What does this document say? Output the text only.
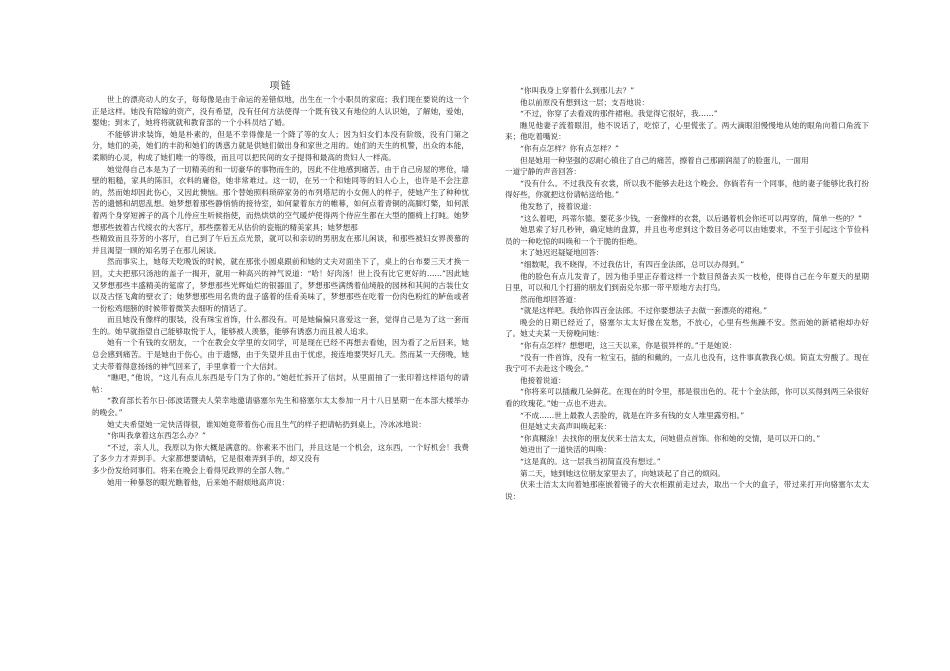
项链

世上的漂亮动人的女子，每每像是由于命运的差错似地，出生在一个小职员的家庭；我们现在要说的这一个正是这样。她没有陪嫁的资产，没有希望，没有任何方法使得一个既有钱又有地位的人认识她，了解她，爱她，娶她；到末了，她将将就就和教育部的一个小科员结了婚。

不能够讲求装饰，她是朴素的，但是不幸得像是一个降了等的女人；因为妇女们本没有阶级，没有门第之分，她们的美，她们的丰韵和她们的诱惑力就是供她们做出身和家世之用的。她们的天生的机警，出众的本能，柔顺的心灵，构成了她们唯一的等级，而且可以把民间的女子提得和最高的贵妇人一样高。

她觉得自己本是为了一切精美的和一切豪华的事物而生的，因此不住地感到痛苦。由于自己房屋的寒伧，墙壁的粗糙，家具的陈旧，衣料的庸俗，她非常难过。这一切，在另一个和她同等的妇人心上，也许是不会注意的，然而她却因此伤心，又因此懊恼。那个替她照料琐碎家务的布列塔尼的小女佣人的样子，使她产生了种种忧苦的遗憾和胡思乱想。她梦想着那些静悄悄的接待室，如何蒙着东方的帷幕，如何点着青铜的高脚灯檠，如何派着两个身穿短裤子的高个儿侍应生听候指使，而热烘烘的空气暖炉使得两个侍应生都在大型的圈椅上打盹。她梦想那些披着古代绫衣的大客厅，那些摆着无从估价的瓷瓶的精美家具；她梦想那

些精致而且芬芳的小客厅，自己到了午后五点光景，就可以和亲切的男朋友在那儿闲谈，和那些被妇女界羡慕的并且渴望一顾的知名男子在那儿闲谈。

然而事实上，她每天吃晚饭的时候，就在那张小圆桌跟前和她的丈夫对面坐下了，桌上的台布要三天才换一回，丈夫把那只汤池的盖子一揭开，就用一种高兴的神气说道：“哈！好肉汤！世上没有比它更好的……”因此她又梦想那些丰盛精美的筵席了，梦想那些光辉灿烂的银器皿了，梦想那些满绣着仙境般的园林和其间的古装仕女以及古怪飞禽的壁衣了；她梦想那些用名贵的盘子盛着的佳肴美味了，梦想那些在吃着一份肉色粉红的鲈鱼或者一份松鸡翅膀的时候带着微笑去细听的情话了。

而且她没有像样的服装，没有珠宝首饰，什么都没有。可是她偏偏只喜爱这一套，觉得自己是为了这一套而生的。她早就指望自己能够取悦于人，能够被人羡慕，能够有诱惑力而且被人追求。

她有一个有钱的女朋友，一个在教会女学里的女同学，可是现在已经不再想去看她，因为看了之后回来，她总会感到痛苦。于是她由于伤心，由于遗憾，由于失望并且由于忧虑，接连地要哭好几天。然而某一天傍晚，她丈夫带着得意扬扬的神气回来了，手里拿着一个大信封。

“瞧吧，”他说，“这儿有点儿东西是专门为了你的。”她赶忙拆开了信封，从里面抽了一张印着这样语句的请帖：

“教育部长若尔日·郎波诺暨夫人荣幸地邀请骆塞尔先生和骆塞尔太太参加一月十八日星期一在本部大楼举办的晚会。”

她丈夫希望她一定快活得很，谁知她竟带着伤心而且生气的样子把请帖扔到桌上，冷冰冰地说：

“你叫我拿着这东西怎么办？”

“不过，亲人儿，我原以为你大概是满意的。你素来不出门，并且这是一个机会，这东西，一个好机会！我费了多少力才弄到手。大家都想要请帖，它是很难弄到手的，却又没有

多少份发给同事们。将来在晚会上看得见政界的全部人物。”

她用一种暴怒的眼光瞧着他，后来她不耐烦地高声说：

“你叫我身上穿着什么到那儿去？”

他以前原没有想到这一层；支吾地说：

“不过，你穿了去看戏的那件裙袍。我觉得它很好，我……”

瞧见他妻子流着眼泪，他不说话了，吃惊了，心里慌张了。两大滴眼泪慢慢地从她的眼角向着口角流下来；他吃着嘴说：

“你有点怎样？你有点怎样？”

但是她用一种坚强的忍耐心镇住了自己的痛苦，擦着自己那副润湿了的脸蛋儿，一面用

一道宁静的声音回答：

“没有什么。不过我没有衣裳，所以我不能够去赴这个晚会。你倘若有一个同事，他的妻子能够比我打扮得好些，你就把这份请帖送给他。”

他发愁了，接着说道：

“这么着吧，玛蒂尔德。要花多少钱，一套像样的衣裳，以后遇着机会你还可以再穿的，简单一些的？”

她思索了好几秒钟，确定她的盘算，并且也考虑到这个数目务必可以由她要求，不至于引起这个节俭科员的一种吃惊的叫唤和一个干脆的拒绝。

末了她迟迟疑疑地回答：

“细数呢，我不晓得，不过我估计，有四百金法郎，总可以办得到。”

他的脸色有点儿发青了，因为他手里正存着这样一个数目预备去买一枝枪，使得自己在今年夏天的星期日里，可以和几个打猎的朋友们到南兑尔那一带平原地方去打鸟。

然而他却回答道：

“就是这样吧。我给你四百金法郎。不过你要想法子去做一套漂亮的裙袍。”

晚会的日期已经近了，骆塞尔太太好像在发愁，不放心，心里有些焦躁不安。然而她的新裙袍却办好了。她丈夫某一天傍晚问她：

“你有点怎样？想想吧，这三天以来，你是很异样的。”于是她说：

“没有一件首饰，没有一粒宝石，插的和戴的，一点儿也没有，这件事真教我心烦。简直太穷酸了。现在我宁可不去赴这个晚会。”

他接着说道：

“你将来可以插戴几朵鲜花。在现在的时令里，那是很出色的。花十个金法郎，你可以买得到两三朵很好看的玫瑰花。”她一点也不进去。

“不成……世上最教人丢脸的，就是在许多有钱的女人堆里露穷相。”

但是她丈夫高声叫唤起来：

“你真糊涂！去找你的朋友伏来士洁太太，问她借点首饰。你和她的交情，是可以开口的。”

她迸出了一道快活的叫唤：

“这是真的。这一层我当初简直没有想过。”

第二天，她到她这位朋友家里去了，向她谈起了自己的烦闷。

伏来士洁太太向着她那座嵌着镜子的大衣柜跟前走过去，取出一个大的盒子，带过来打开向骆塞尔太太说：
